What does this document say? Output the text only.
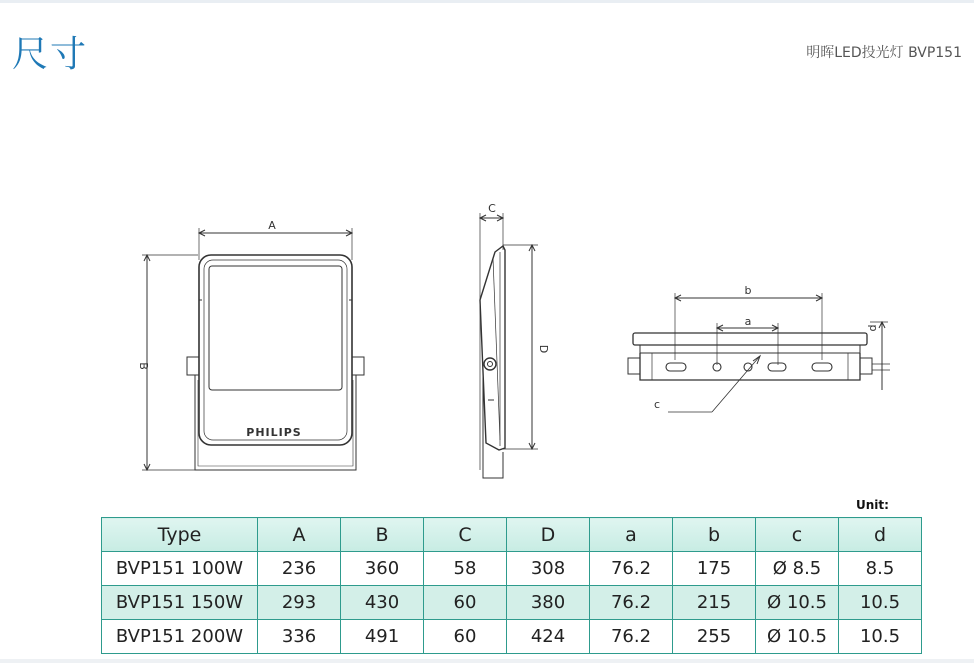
尺寸	明晖LED投光灯 BVP151
A
B
C
D
b
a
c
d
PHILIPS
Unit:
Type	A	B	C	D	a	b	c	d
BVP151 100W	236	360	58	308	76.2	175	Ø 8.5	8.5
BVP151 150W	293	430	60	380	76.2	215	Ø 10.5	10.5
BVP151 200W	336	491	60	424	76.2	255	Ø 10.5	10.5
